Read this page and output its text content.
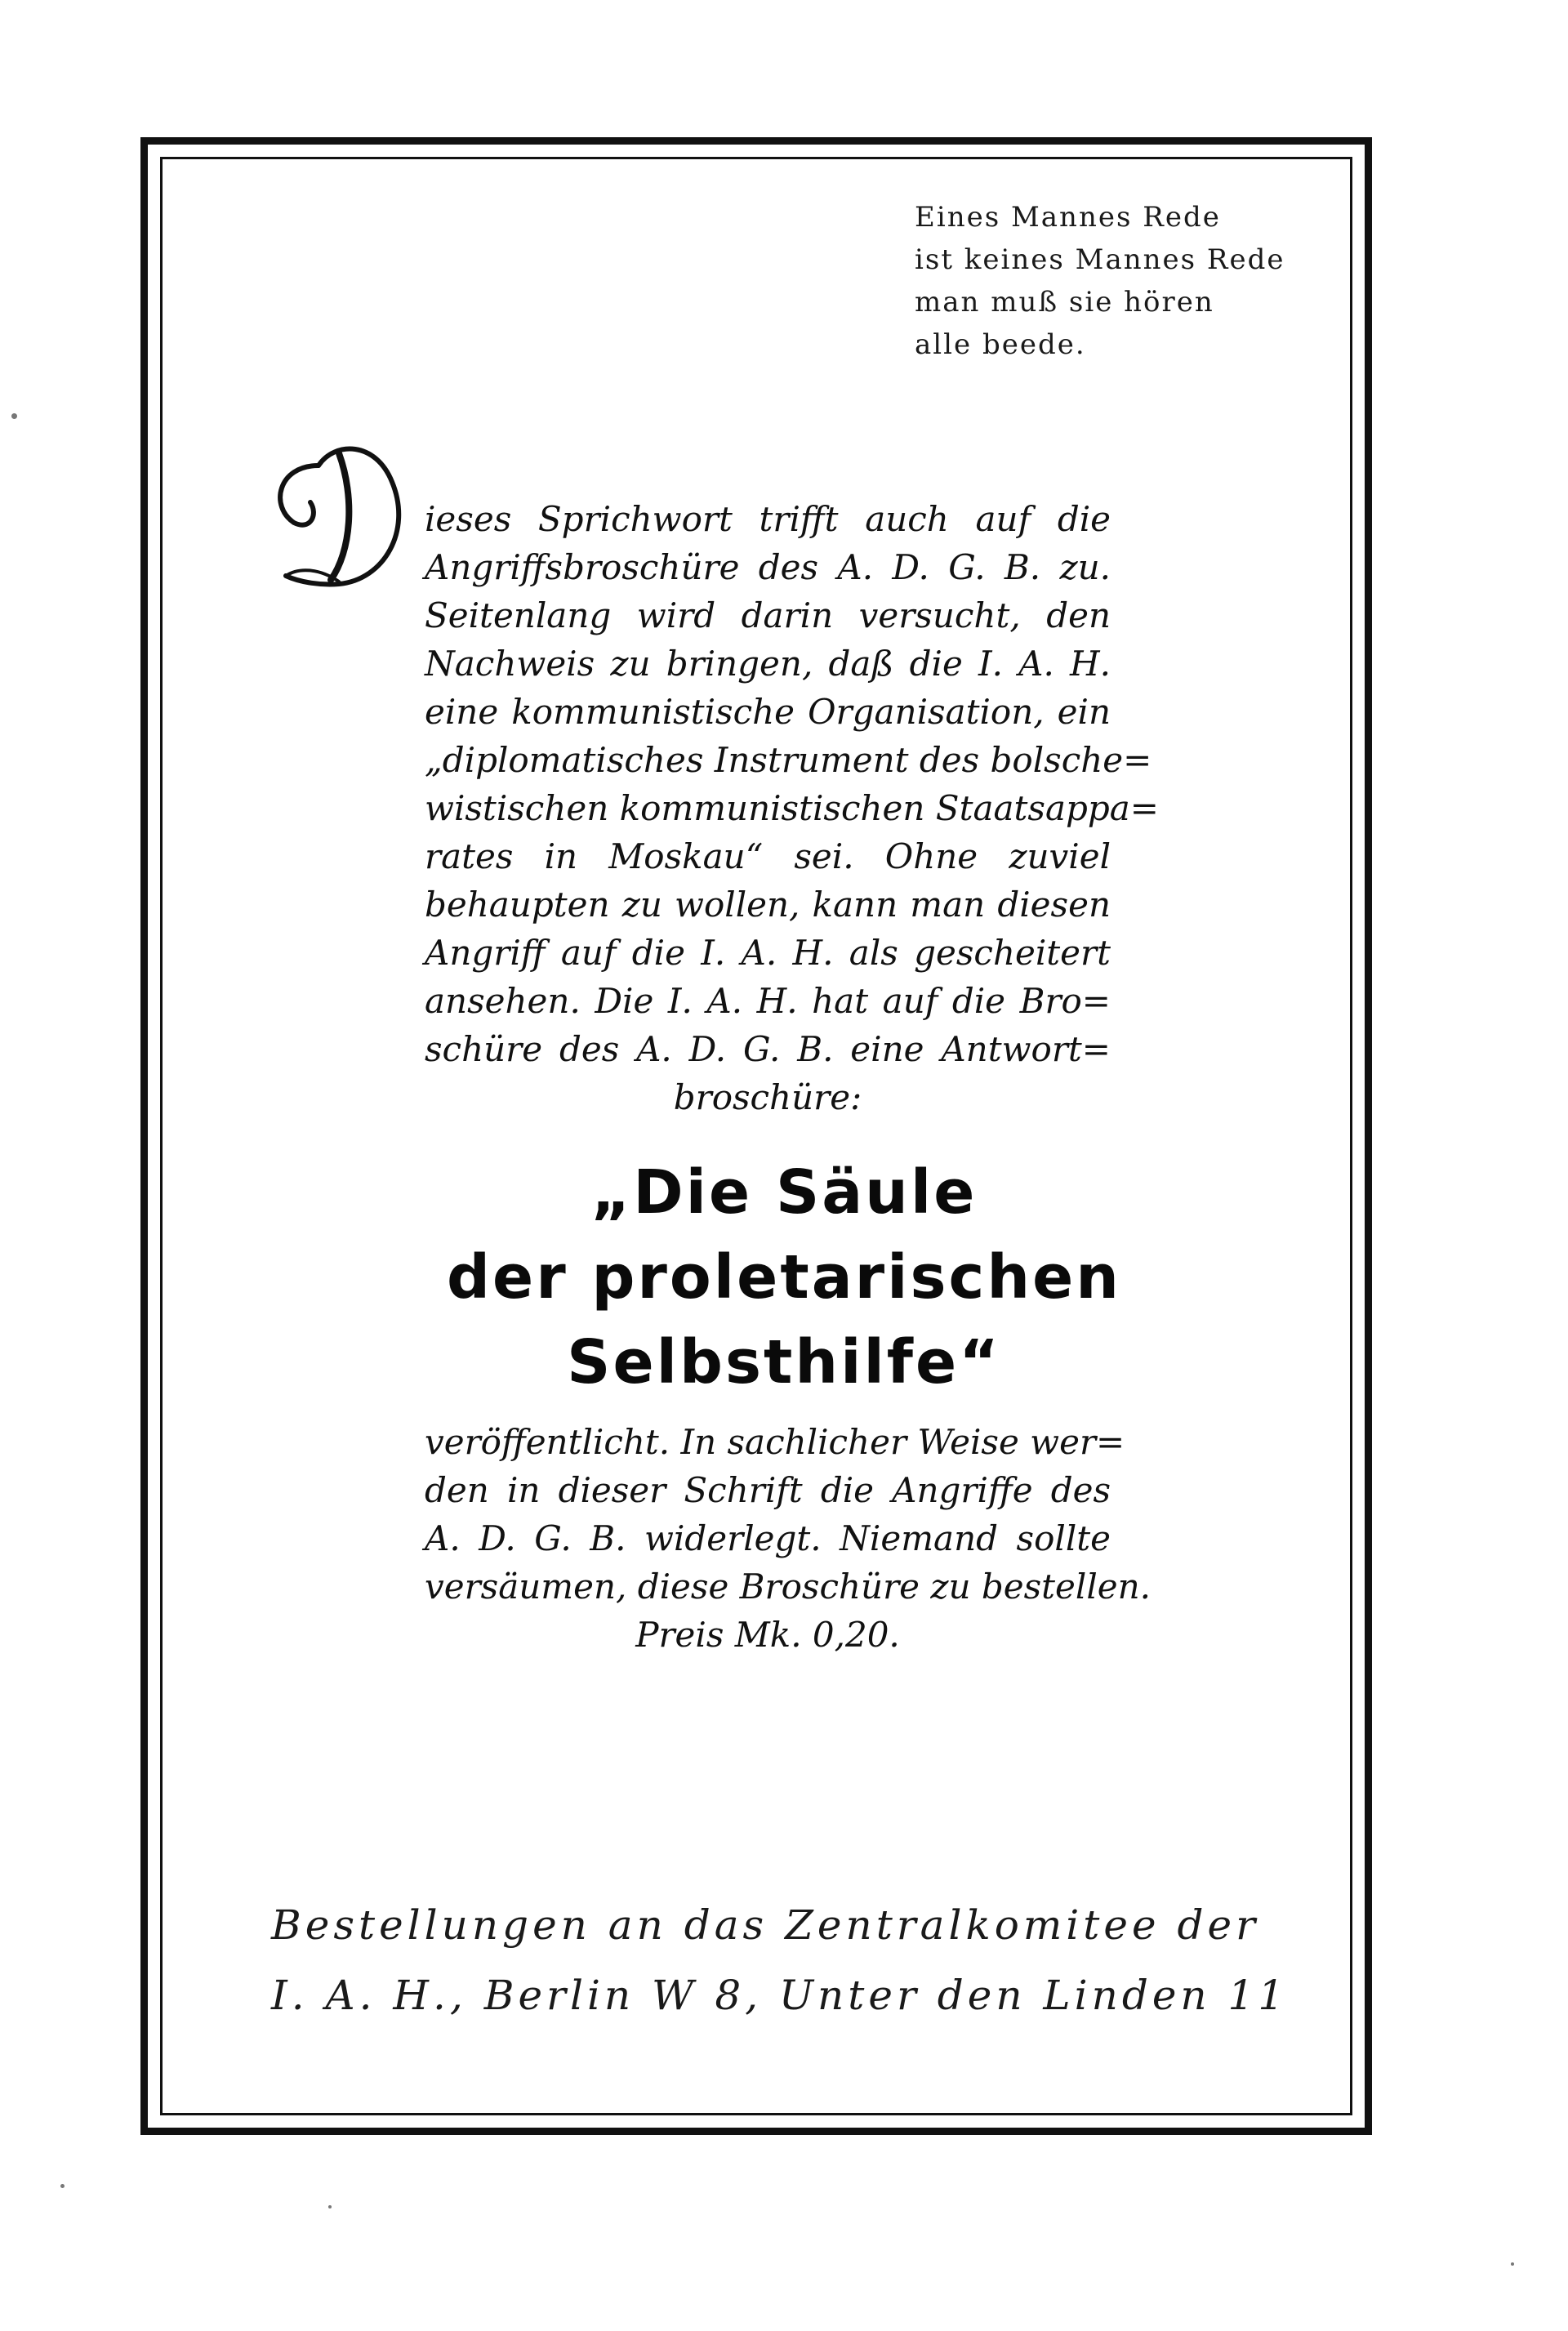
Eines Mannes Rede
ist keines Mannes Rede
man muß sie hören
alle beede.
ieses Sprichwort trifft auch auf die
Angriffsbroschüre des A. D. G. B. zu.
Seitenlang wird darin versucht, den
Nachweis zu bringen, daß die I. A. H.
eine kommunistische Organisation, ein
„diplomatisches Instrument des bolsche=
wistischen kommunistischen Staatsappa=
rates in Moskau“ sei. Ohne zuviel
behaupten zu wollen, kann man diesen
Angriff auf die I. A. H. als gescheitert
ansehen. Die I. A. H. hat auf die Bro=
schüre des A. D. G. B. eine Antwort=
broschüre:
„Die Säule
der proletarischen
Selbsthilfe“
veröffentlicht. In sachlicher Weise wer=
den in dieser Schrift die Angriffe des
A. D. G. B. widerlegt. Niemand sollte
versäumen, diese Broschüre zu bestellen.
Preis Mk. 0,20.
Bestellungen an das Zentralkomitee der
I. A. H., Berlin W 8, Unter den Linden 11
